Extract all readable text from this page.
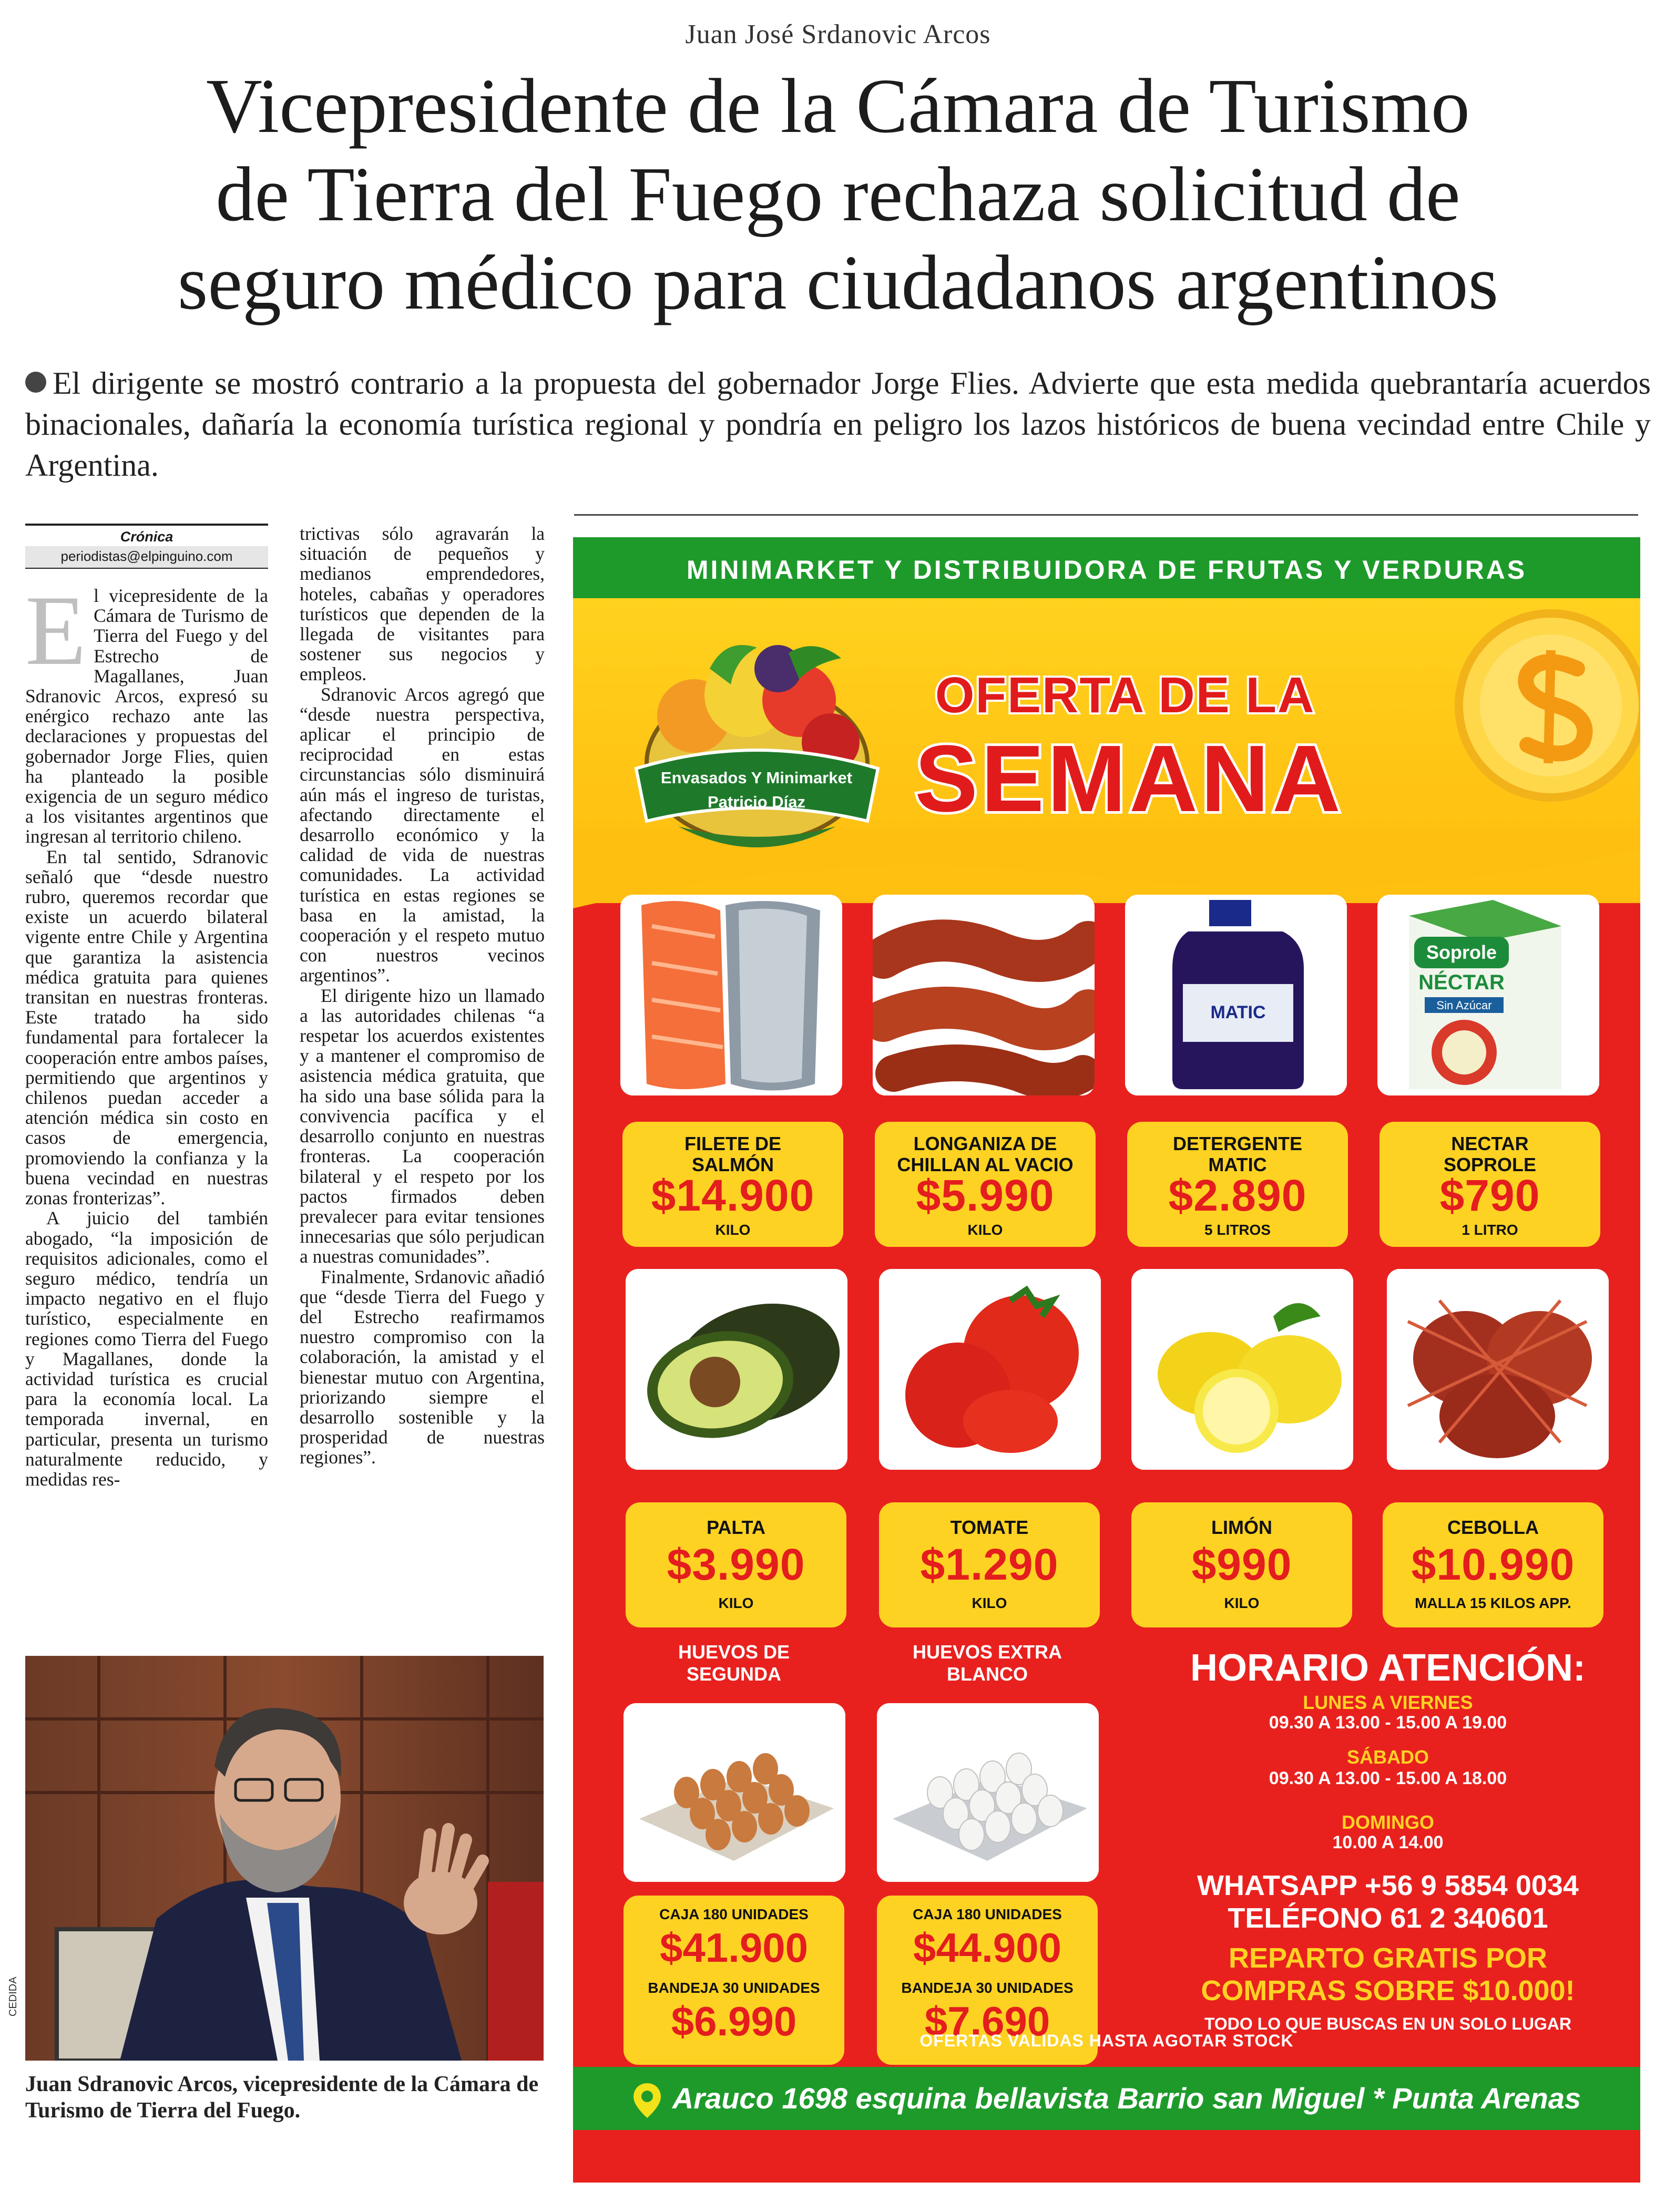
Juan José Srdanovic Arcos
Vicepresidente de la Cámara de Turismo
de Tierra del Fuego rechaza solicitud de
seguro médico para ciudadanos argentinos
El dirigente se mostró contrario a la propuesta del gobernador Jorge Flies. Advierte que esta medida quebrantaría acuerdos binacionales, dañaría la economía turística regional y pondría en peligro los lazos históricos de buena vecindad entre Chile y Argentina.
Crónica
periodistas@elpinguino.com

El vicepresidente de la Cámara de Turismo de Tierra del Fuego y del Estrecho de Magallanes, Juan Sdranovic Arcos, expresó su enérgico rechazo ante las declaraciones y propuestas del gobernador Jorge Flies, quien ha planteado la posible exigencia de un seguro médico a los visitantes argentinos que ingresan al territorio chileno.

En tal sentido, Sdranovic señaló que “desde nuestro rubro, queremos recordar que existe un acuerdo bilateral vigente entre Chile y Argentina que garantiza la asistencia médica gratuita para quienes transitan en nuestras fronteras. Este tratado ha sido fundamental para fortalecer la cooperación entre ambos países, permitiendo que argentinos y chilenos puedan acceder a atención médica sin costo en casos de emergencia, promoviendo la confianza y la buena vecindad en nuestras zonas fronterizas”.

A juicio del también abogado, “la imposición de requisitos adicionales, como el seguro médico, tendría un impacto negativo en el flujo turístico, especialmente en regiones como Tierra del Fuego y Magallanes, donde la actividad turística es crucial para la economía local. La temporada invernal, en particular, presenta un turismo naturalmente reducido, y medidas res-

trictivas sólo agravarán la situación de pequeños y medianos emprendedores, hoteles, cabañas y operadores turísticos que dependen de la llegada de visitantes para sostener sus negocios y empleos.

Sdranovic Arcos agregó que “desde nuestra perspectiva, aplicar el principio de reciprocidad en estas circunstancias sólo disminuirá aún más el ingreso de turistas, afectando directamente el desarrollo económico y la calidad de vida de nuestras comunidades. La actividad turística en estas regiones se basa en la amistad, la cooperación y el respeto mutuo con nuestros vecinos argentinos”.

El dirigente hizo un llamado a las autoridades chilenas “a respetar los acuerdos existentes y a mantener el compromiso de asistencia médica gratuita, que ha sido una base sólida para la convivencia pacífica y el desarrollo conjunto en nuestras fronteras. La cooperación bilateral y el respeto por los pactos firmados deben prevalecer para evitar tensiones innecesarias que sólo perjudican a nuestras comunidades”.

Finalmente, Srdanovic añadió que “desde Tierra del Fuego y del Estrecho reafirmamos nuestro compromiso con la colaboración, la amistad y el bienestar mutuo con Argentina, priorizando siempre el desarrollo sostenible y la prosperidad de nuestras regiones”.

CEDIDA
Juan Sdranovic Arcos, vicepresidente de la Cámara de Turismo de Tierra del Fuego.
MINIMARKET Y DISTRIBUIDORA DE FRUTAS Y VERDURAS
Envasados Y Minimarket
Patricio Díaz
OFERTA DE LA
SEMANA
MATIC
Soprole
NÉCTAR
Sin Azúcar
FILETE DE
SALMÓN
$14.900
KILO
LONGANIZA DE
CHILLAN AL VACIO
$5.990
KILO
DETERGENTE
MATIC
$2.890
5 LITROS
NECTAR
SOPROLE
$790
1 LITRO
PALTA
$3.990
KILO
TOMATE
$1.290
KILO
LIMÓN
$990
KILO
CEBOLLA
$10.990
MALLA 15 KILOS APP.
HUEVOS DE
SEGUNDA
HUEVOS EXTRA
BLANCO
CAJA 180 UNIDADES
$41.900
BANDEJA 30 UNIDADES
$6.990
CAJA 180 UNIDADES
$44.900
BANDEJA 30 UNIDADES
$7.690
HORARIO ATENCIÓN:
LUNES A VIERNES
09.30 A 13.00 - 15.00 A 19.00
SÁBADO
09.30 A 13.00 - 15.00 A 18.00
DOMINGO
10.00 A 14.00
WHATSAPP +56 9 5854 0034
TELÉFONO 61 2 340601
REPARTO GRATIS POR
COMPRAS SOBRE $10.000!
TODO LO QUE BUSCAS EN UN SOLO LUGAR
OFERTAS VALIDAS HASTA AGOTAR STOCK
Arauco 1698 esquina bellavista Barrio san Miguel * Punta Arenas
